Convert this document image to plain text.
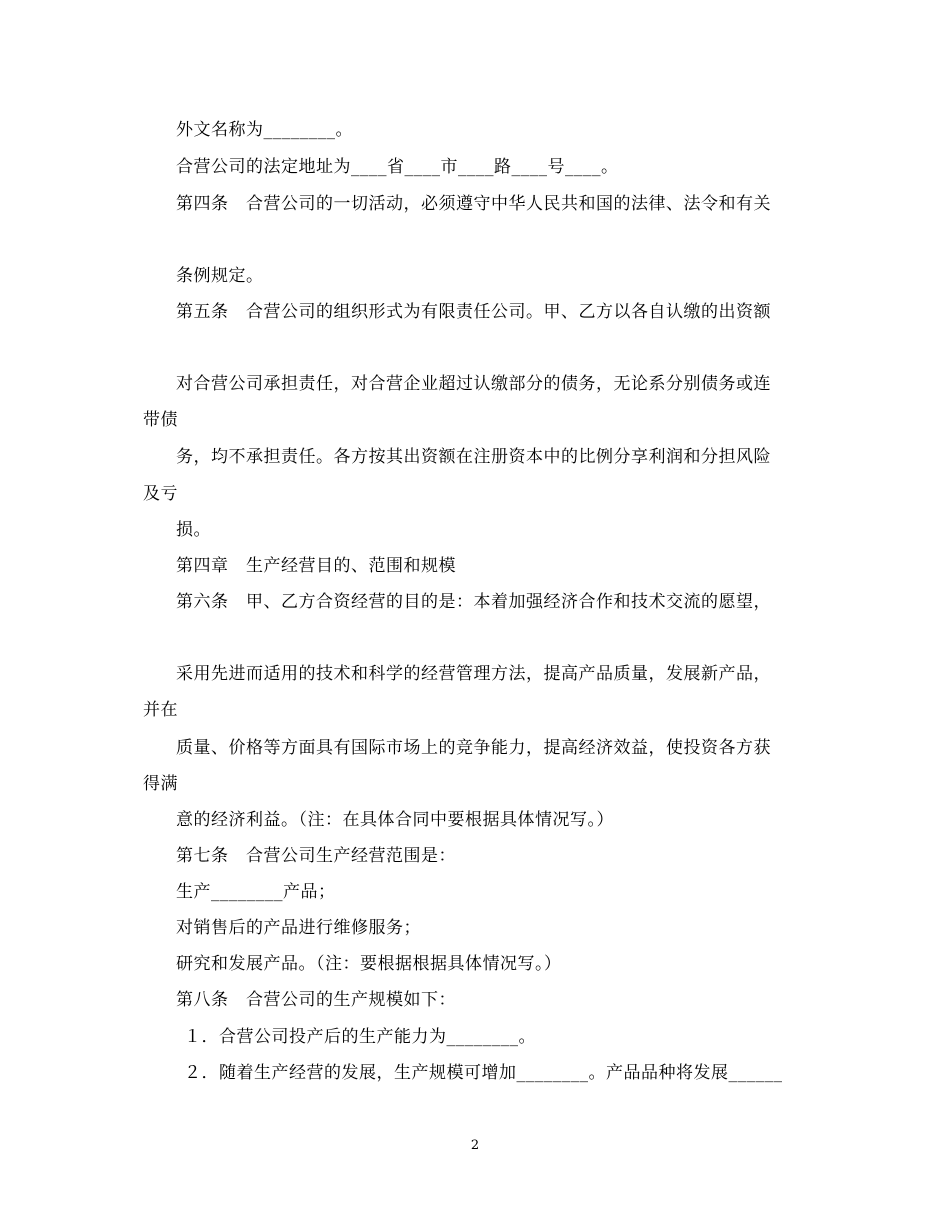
外文名称为________。
合营公司的法定地址为____省____市____路____号____。
第四条　合营公司的一切活动，必须遵守中华人民共和国的法律、法令和有关
条例规定。
第五条　合营公司的组织形式为有限责任公司。甲、乙方以各自认缴的出资额
对合营公司承担责任，对合营企业超过认缴部分的债务，无论系分别债务或连
带债
务，均不承担责任。各方按其出资额在注册资本中的比例分享利润和分担风险
及亏
损。
第四章　生产经营目的、范围和规模
第六条　甲、乙方合资经营的目的是：本着加强经济合作和技术交流的愿望，
采用先进而适用的技术和科学的经营管理方法，提高产品质量，发展新产品，
并在
质量、价格等方面具有国际市场上的竞争能力，提高经济效益，使投资各方获
得满
意的经济利益。（注：在具体合同中要根据具体情况写。）
第七条　合营公司生产经营范围是：
生产________产品；
对销售后的产品进行维修服务；
研究和发展产品。（注：要根据根据具体情况写。）
第八条　合营公司的生产规模如下：
１．合营公司投产后的生产能力为________。
２．随着生产经营的发展，生产规模可增加________。产品品种将发展______
2
